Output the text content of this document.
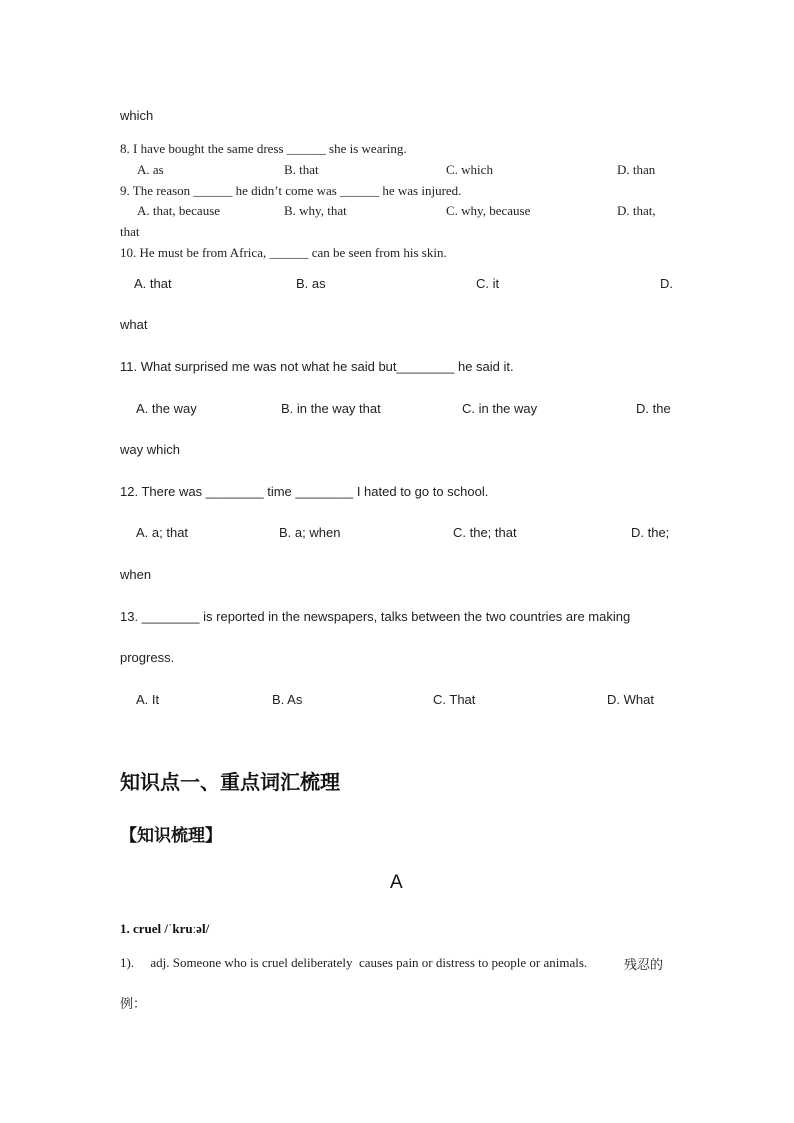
which
8. I have bought the same dress ______ she is wearing.
A. as	B. that	C. which	D. than
9. The reason ______ he didn’t come was ______ he was injured.
A. that, because	B. why, that	C. why, because	D. that,
that
10. He must be from Africa, ______ can be seen from his skin.
A. that	B. as	C. it	D.
what
11. What surprised me was not what he said but________ he said it.
A. the way	B. in the way that	C. in the way	D. the
way which
12. There was ________ time ________ I hated to go to school.
A. a; that	B. a; when	C. the; that	D. the;
when
13. ________ is reported in the newspapers, talks between the two countries are making
progress.
A. It	B. As	C. That	D. What
知识点一、重点词汇梳理
【知识梳理】
A
1. cruel /ˈkruːəl/
1).     adj. Someone who is cruel deliberately  causes pain or distress to people or animals.	残忍的
例：
